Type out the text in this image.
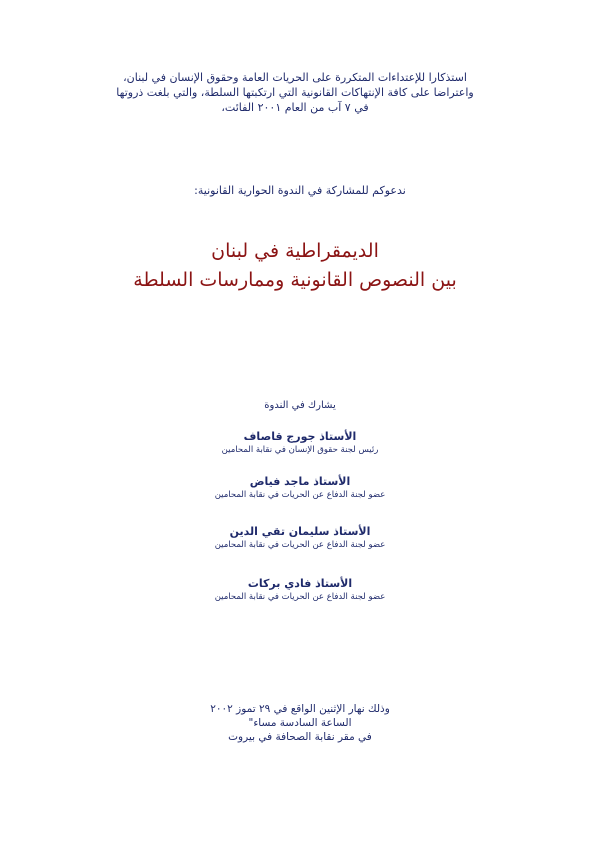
استذكارا للإعتداءات المتكررة على الحريات العامة وحقوق الإنسان في لبنان،
واعتراضا على كافة الإنتهاكات القانونية التي ارتكبتها السلطة، والتي بلغت ذروتها
في ٧ آب من العام ٢٠٠١ الفائت،
ندعوكم للمشاركة في الندوة الحوارية القانونية:
الديمقراطية في لبنان
بين النصوص القانونية وممارسات السلطة
يشارك في الندوة
الأستاذ جورج قاصاف
رئيس لجنة حقوق الإنسان في نقابة المحامين
الأستاذ ماجد فياض
عضو لجنة الدفاع عن الحريات في نقابة المحامين
الأستاذ سليمان تقي الدين
عضو لجنة الدفاع عن الحريات في نقابة المحامين
الأستاذ فادي بركات
عضو لجنة الدفاع عن الحريات في نقابة المحامين
وذلك نهار الإثنين الواقع في ٢٩ تموز ٢٠٠٢
الساعة السادسة مساء"
في مقر نقابة الصحافة في بيروت
